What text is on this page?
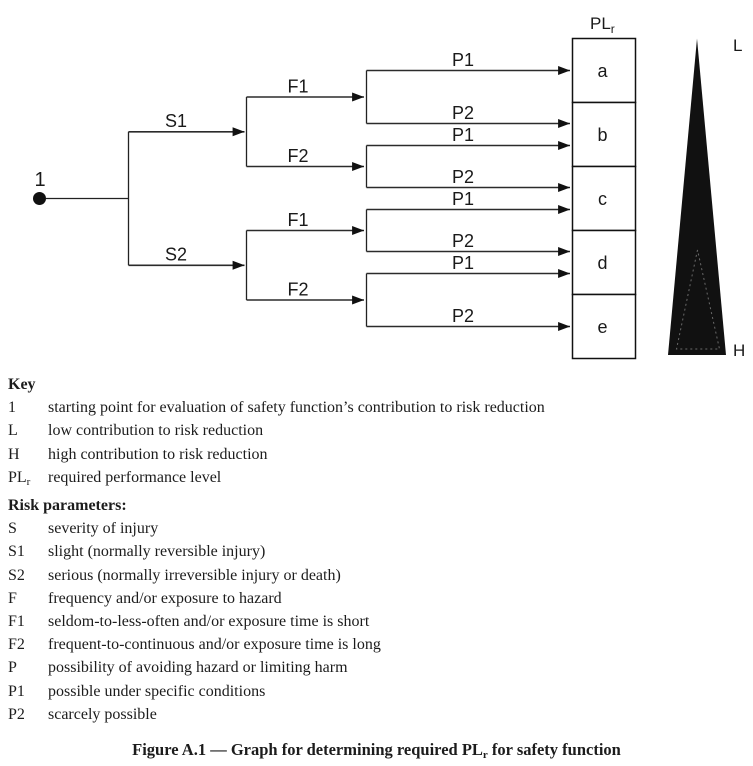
1
S1
S2
F1
F2
F1
F2
P1
P2
P1
P2
P1
P2
P1
P2
$PL_r$
a
b
c
d
e
L
H
Key
1	starting point for evaluation of safety function’s contribution to risk reduction
L	low contribution to risk reduction
H	high contribution to risk reduction
PLr	required performance level
Risk parameters:
S	severity of injury
S1	slight (normally reversible injury)
S2	serious (normally irreversible injury or death)
F	frequency and/or exposure to hazard
F1	seldom-to-less-often and/or exposure time is short
F2	frequent-to-continuous and/or exposure time is long
P	possibility of avoiding hazard or limiting harm
P1	possible under specific conditions
P2	scarcely possible
Figure A.1 — Graph for determining required PLr for safety function
